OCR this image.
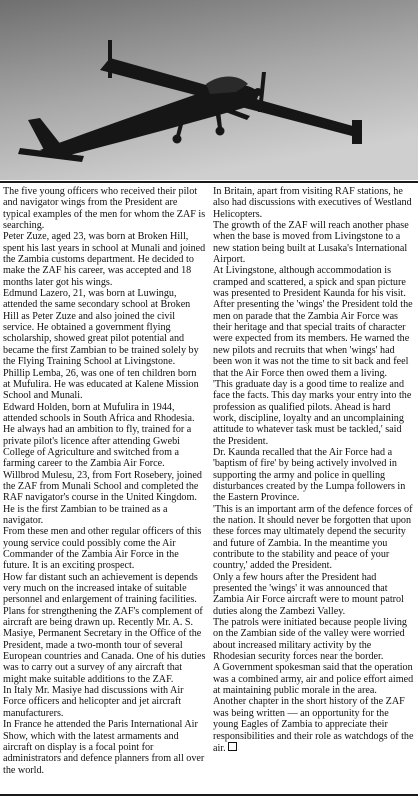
The five young officers who received their pilot and navigator wings from the President are typical examples of the men for whom the ZAF is searching.

Peter Zuze, aged 23, was born at Broken Hill, spent his last years in school at Munali and joined the Zambia customs department. He decided to make the ZAF his career, was accepted and 18 months later got his wings.

Edmund Lazero, 21, was born at Luwingu, attended the same secondary school at Broken Hill as Peter Zuze and also joined the civil service. He obtained a government flying scholarship, showed great pilot potential and became the first Zambian to be trained solely by the Flying Training School at Livingstone.

Phillip Lemba, 26, was one of ten children born at Mufulira. He was educated at Kalene Mission School and Munali.

Edward Holden, born at Mufulira in 1944, attended schools in South Africa and Rhodesia. He always had an ambition to fly, trained for a private pilot's licence after attending Gwebi College of Agriculture and switched from a farming career to the Zambia Air Force.

Willbrod Mulesu, 23, from Fort Rosebery, joined the ZAF from Munali School and completed the RAF navigator's course in the United Kingdom. He is the first Zambian to be trained as a navigator.

From these men and other regular officers of this young service could possibly come the Air Commander of the Zambia Air Force in the future. It is an exciting prospect.

How far distant such an achievement is depends very much on the increased intake of suitable personnel and enlargement of training facilities.

Plans for strengthening the ZAF's complement of aircraft are being drawn up. Recently Mr. A. S. Masiye, Permanent Secretary in the Office of the President, made a two-month tour of several European countries and Canada. One of his duties was to carry out a survey of any aircraft that might make suitable additions to the ZAF.

In Italy Mr. Masiye had discussions with Air Force officers and helicopter and jet aircraft manufacturers.

In France he attended the Paris International Air Show, which with the latest armaments and aircraft on display is a focal point for administrators and defence planners from all over the world.

In Britain, apart from visiting RAF stations, he also had discussions with executives of Westland Helicopters.

The growth of the ZAF will reach another phase when the base is moved from Livingstone to a new station being built at Lusaka's International Airport.

At Livingstone, although accommodation is cramped and scattered, a spick and span picture was presented to President Kaunda for his visit.

After presenting the 'wings' the President told the men on parade that the Zambia Air Force was their heritage and that special traits of character were expected from its members. He warned the new pilots and recruits that when 'wings' had been won it was not the time to sit back and feel that the Air Force then owed them a living.

'This graduate day is a good time to realize and face the facts. This day marks your entry into the profession as qualified pilots. Ahead is hard work, discipline, loyalty and an uncomplaining attitude to whatever task must be tackled,' said the President.

Dr. Kaunda recalled that the Air Force had a 'baptism of fire' by being actively involved in supporting the army and police in quelling disturbances created by the Lumpa followers in the Eastern Province.

'This is an important arm of the defence forces of the nation. It should never be forgotten that upon these forces may ultimately depend the security and future of Zambia. In the meantime you contribute to the stability and peace of your country,' added the President.

Only a few hours after the President had presented the 'wings' it was announced that Zambia Air Force aircraft were to mount patrol duties along the Zambezi Valley.

The patrols were initiated because people living on the Zambian side of the valley were worried about increased military activity by the Rhodesian security forces near the border.

A Government spokesman said that the operation was a combined army, air and police effort aimed at maintaining public morale in the area.

Another chapter in the short history of the ZAF was being written — an opportunity for the young Eagles of Zambia to appreciate their responsibilities and their role as watchdogs of the air.
